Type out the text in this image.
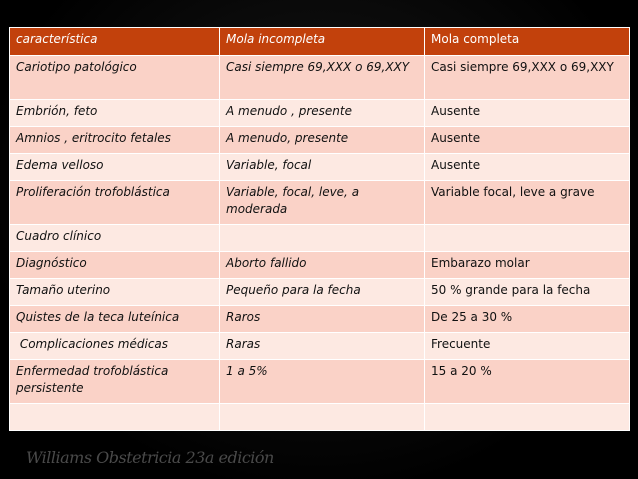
característica	Mola incompleta	Mola completa
Cariotipo patológico	Casi siempre 69,XXX o 69,XXY	Casi siempre 69,XXX o 69,XXY
Embrión, feto	A menudo , presente	Ausente
Amnios , eritrocito fetales	A menudo, presente	Ausente
Edema velloso	Variable, focal	Ausente
Proliferación trofoblástica	Variable, focal, leve, a moderada	Variable focal, leve a grave
Cuadro clínico		
Diagnóstico	Aborto fallido	Embarazo molar
Tamaño uterino	Pequeño para la fecha	50 % grande para la fecha
Quistes de la teca luteínica	Raros	De 25 a 30 %
Complicaciones médicas	Raras	Frecuente
Enfermedad trofoblástica persistente	1 a 5%	15 a 20 %

Williams Obstetricia 23a edición
